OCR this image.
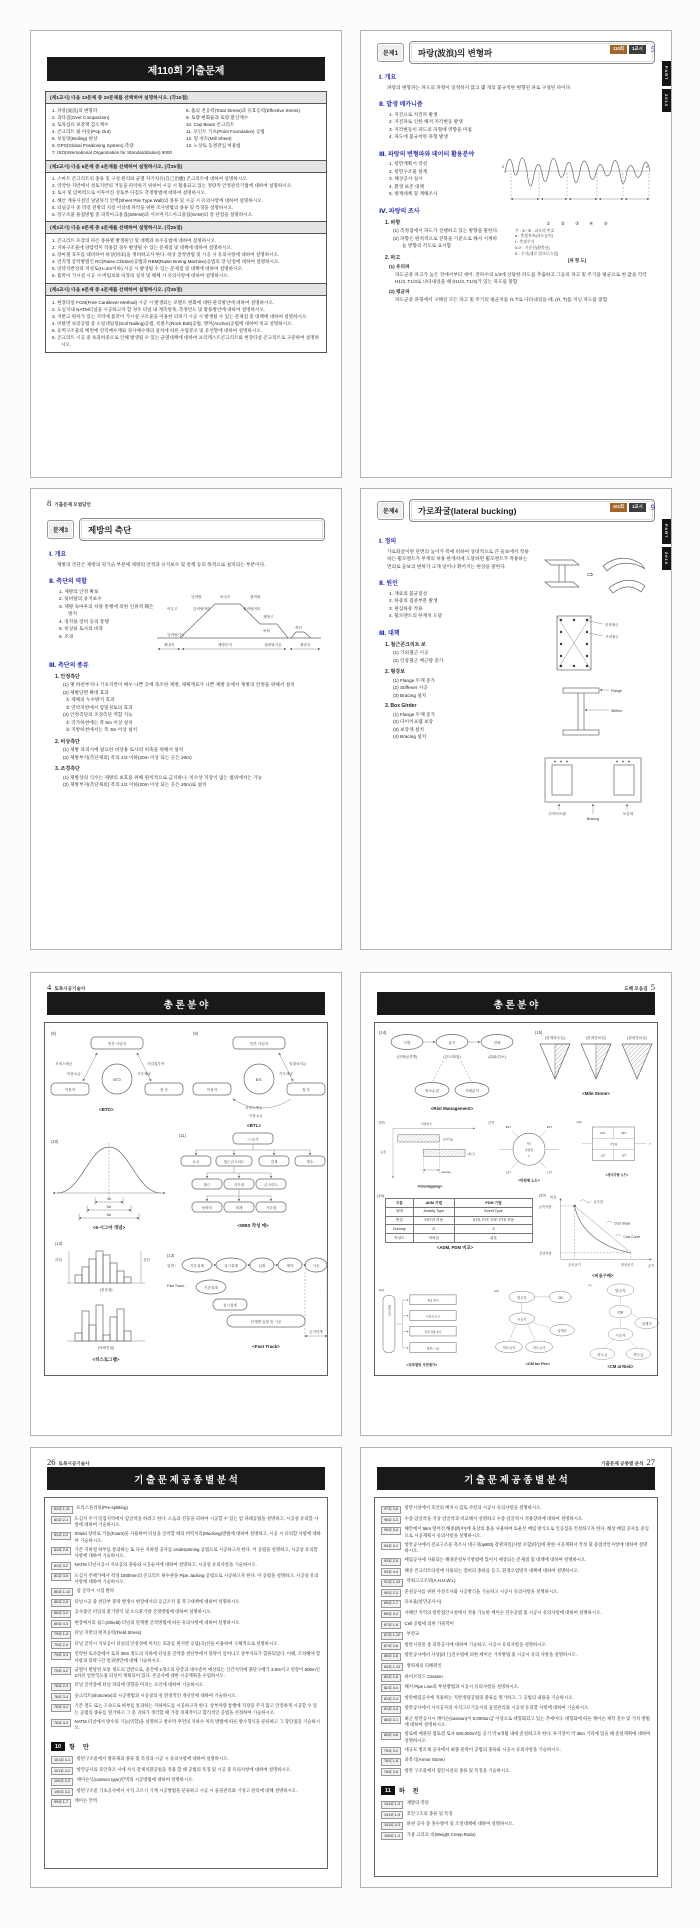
제110회 기출문제
(제1교시) 다음 13문제 중 10문제를 선택하여 설명하시오. (각10점)
1. 파랑(波浪)의 변형파
2. 과다짐(Over Compaction)
3. 토목섬유 보강재 감소계수
4. 콘크리트 팝 아웃(Pop Out)
5. 보일링(Boiling) 현상
6. GPS(Global Positioning System) 측량
7. ISO(International Organization for Standardization) 9000
8. 흙의 전응력(Total Stress)과 유효응력(Effective Stress)
9. 토량 변화율과 토량 환산계수
10. Cap Beam 콘크리트
11. 포인트 기초(Point Foundation) 공법
12. 밀 쉬트(Mill Sheet)
13. 노상토 동결관입 허용법
(제2교시) 다음 6문제 중 4문제를 선택하여 설명하시오. (각25점)
1. 스마트 콘크리트의 종류 및 구성 원리와 균열 자기치유(自己治癒) 콘크리트에 대하여 설명하시오.
2. 연약한 지반에서 성토지반의 거동을 파악하기 위하여 시공 시 활용되고 있는 정량적 안정관리기법에 대하여 설명하시오.
3. 토사 및 암버력으로 이루어진 성토부 다짐도 측정방법에 대하여 설명하시오.
4. 해안 계류시설인 널말뚝식 안벽(Sheet Pile Type Wall)의 종류 및 시공 시 유의사항에 대하여 설명하시오.
5. 터널공사 중 막장 전방의 지질 이상대 파악을 위한 조사방법의 종류 및 특징을 설명하시오.
6. 강구조물 용접방법 중 피복아크용접(SMAW)과 서브머지드아크용접(SAW)의 장·단점을 설명하시오.
(제3교시) 다음 6문제 중 4문제를 선택하여 설명하시오. (각25점)
1. 콘크리트 포장의 파손 종류별 발생원인 및 대책과 보수공법에 대하여 설명하시오.
2. 지하구조물에 양압력이 작용할 경우 발생될 수 있는 문제점 및 대책에 대하여 설명하시오.
3. 장마철 호우를 대비하여 하상(河床)을 정비하고자 한다. 하상 굴착방법 및 시공 시 유의사항에 대하여 설명하시오.
4. 연직갱 굴착방법인 RC(Raise Climber)공법과 RBM(Raise Boring Machine)공법의 장·단점에 대하여 설명하시오.
5. 연약지반상의 저성토(H=2m이하) 시공 시 발생될 수 있는 문제점 및 대책에 대하여 설명하시오.
6. 흙막이 가시설 시공 시 버팀보와 띠장의 설치 및 해체 시 유의사항에 대하여 설명하시오.
(제4교시) 다음 6문제 중 4문제를 선택하여 설명하시오. (각25점)
1. 현장타설 FCM(Free Cantilever Method) 시공 시 발생되는 모멘트 변화에 대한 관리방안에 대하여 설명하시오.
2. 도심지내 NATM터널을 시공하고자 할 경우 터널 내 계측항목, 측정빈도 및 활용방안에 대하여 설명하시오.
3. 지반고 편차가 있는 지역에 흙막이 가시설 구조물을 이용한 터파기 시공 시 발생될 수 있는 문제점 및 대책에 대하여 설명하시오.
4. 비탈면 보강공법 중 소일네일링(Soil Nailing)공법, 록볼트(Rock Bolt)공법, 앵커(Anchor)공법에 대하여 비교 설명하시오.
5. 옹벽구조물의 배면에 연직배수재와 경사배수재의 설치에 따른 수압분포 및 유선망에 대하여 설명하시오.
6. 콘크리트 시공 중 초과하중으로 인해 발생될 수 있는 균열대책에 대하여 프리캐스트콘크리트와 현장타설 콘크리트로 구분하여 설명하시오.
110회	1교시 5
PART
2013
문제1	파랑(波浪)의 변형파
Ⅰ. 개요

파랑의 변형파는 파도의 파형이 일정하지 않고 몇 개의 불규칙한 변형된 파로 구성된 파이다.

Ⅱ. 발생 메카니즘
1. 지진으로 지진파 발생
2. 지진파로 인한 해저 지각변동 발생
3. 지각변동이 파도의 파형에 영향을 미침
4. 파도에 불규칙한 파형 발생
0	0′
①        ②        ③        ④        ⑤
주 : ①~⑤ : 파도의 번호
a : 측정진폭(파도높이)
t : 측정주기
0-0′ : 기준선(횡축선)
E : 주기(제로 업크로스법)
[파 형 도]
Ⅲ. 파랑의 변형파와 데이터 활용분야
1. 항만계획서 작성
2. 항만구조물 설계
3. 해상공사 실시
4. 환경 보존 대책
5. 방재대책 및 재해조사
Ⅳ. 파랑의 조사
1. 파향
(1) 측정점에서 파도가 진행하고 있는 방향을 말한다.
(2) 파향은 원칙적으로 진북을 기준으로 해서 시계바늘 방향의 각도로 표시함
2. 파고
(1) 유의파

파도군중 파고가 높은 것에서부터 세어, 전파수의 1/3에 상당한 파도를 추출하고 그들의 파고 및 주기를 평균으로 한 값을 각각 H1/3, T1/3로 나타내었을 때 (H1/3, T1/3)가 있는 파도를 말함

(2) 평균파

파도군중 파형에서 구해진 모든 파고 및 주기의 평균치를 H̄, T̄로 나타내었을 때, (H̄, T̄)를 지닌 파도를 말함

8 기출문제 모범답안
문제3	제방의 측단
Ⅰ. 개요

제방의 측단은 제방의 뒷기슭 부분에 제방의 안정과 유지보수 및 통행 등의 목적으로 설치되는 부분이다.

Ⅱ. 측단의 역할
앞비탈	둑마루	뒷비탈
뒷비탈머리
여유고	앞비탈머리
제방고
둑턱
측단
앞비탈기슭
뒷비탈기슭
제내지	제방부지	제외지
1. 제방의 안정 확보
2. 뒷비탈의 유지보수
3. 제방 둑마루의 차량 통행에 의한 인위적 훼손 방지
4. 경작용 장비 등의 통행
5. 비상용 토사의 비축
6. 조경
Ⅲ. 측단의 종류
1. 안정측단
(1) 옛 하천부지나 기초지반이 매우 나쁜 곳에 축조한 제방, 제체재료가 나쁜 제방 등에서 제방의 안정을 위해서 설치
(2) 제방단면 확대 효과
① 제체의 누수방지 효과
② 연약지반에서 압밀성토의 효과
(3) 안정측단의 조경측단 역할 가능
① 국가하천에는 폭 5m 이상 설치
② 지방하천에서는 폭 3m 이상 설치
2. 비상측단
(1) 제방 파괴시에 필요한 비상용 토사의 비축을 위해서 설치
(2) 제방부지(측단제외) 폭의 1/2 이하(20m 이상 되는 곳은 20m)
3. 조경측단
(1) 제방상의 식수는 제방의 보호를 위해 원칙적으로 금지하나, 치수상 지장이 없는 범위에서는 가능
(2) 제방부지(측단제외) 폭의 1/2 이하(20m 이상 되는 곳은 20m)로 설치
101회	1교시 9
PART
2013
문제4	가로좌굴(lateral bucking)
Ⅰ. 정의

가로좌굴이란 단면의 높이가 폭에 비하여 상대적으로 큰 들보에서 작용하는 휨모멘트가 부재의 허용 한계치에 도달하면 휨모멘트가 작용하는 면외로 들보의 변위가 크게 일어나 휘어지는 현상을 말한다.

Ⅱ. 원인
1. 재료의 불균질성
2. 하중의 집중부분 발생
3. 편심하중 작용
4. 휨모멘트의 한계치 도달
Ⅲ. 대책
1. 철근콘크리트 보
(1) 가외철근 시공
(2) 인장철근 배근량 증가
2. 형강보
(1) Flange 두께 증가
(2) Stiffener 시공
(3) Bracing 설치
3. Box Girder
(1) Flange 두께 증가
(2) 다이어프램 보강
(3) 보강재 설치
(4) Bracing 설치
⇨
인장철근
가외철근
Flange
Stiffner
다이어프램
Bracing
보강재
4 토목시공기술사
총 론 분 야
(8)
민간 사업자
이용자	정 부
BTO
서비스제공
이용요금
사업권부여
기부채납
<BTO>
(9)
민간 사업자
이용자	정 부
BTL
임대료지급
기부채납
서비스제공
이용요금
<BTL>
(10)
4σ
5σ
6σ
<6-시그마 개념>
(11)
○○공사
토공	철근콘크리트	강재	방수
철근	거푸집	콘크리트
동바리	비계	거푸집
<WBS 작성 예>
(12)
하한	상한
(정상형)
(이빠진형)
<히스토그램>
(13)
일반 :	기본설계	실시설계	입찰	계약	시공
Fast Track :	기본설계
실시설계
단계별 입찰 및 시공
공기단축
<Fast Track>
도해 모음집 5
총 론 분 야
(14)
식별	분석	전략
(단계/공종별)	(강도/확률)	(회피/감소)
정보수집	사례분석
<Rist Management>
(15)
(한계착수일)	(한계종료일)	(절대종료일)
<Mile Stone>
(16)	작업일수
공정
(거푸집)
(철근)
overlap
<Overlapping>
(17)
EST	EFT
NO
작업명
T
LST	LFT
<타원형 노드>
(18)
EST	EFT
작업명
LST	LFT
T
<정사각형 노드>
(19)
구분	ADM 기법	PDM 기법
형태	Activity Type	Event Type
연결	FST만 허용	STS, FTF, STF, FTS 허용
Dummy	O	X
작성도	어려움	쉬움
<ADM, PDM 비교>
(20) 비용
공기
급속점
Cost Slope
Cost Curve
급속비용
정상비용
급속공기	정상공기
<비용구배>
(21)
계획수립
현장 분석
타당성 조사
환경 영향 평가
설계 / 시공
<리모델링 사전평가>
(22)
발주자	CM
시공사
설계사
하도급사	하도급사
<CM for Fee>
(23)
발주자
CM
설계사
시공사
하도급	하도급
<CM at Risk>
26 토목시공기술사
기 출 문 제 공 종 별 분 석
81회 1-11	프리스플리팅(Pre-splitting)
81회 2-1	도심지 주거 밀집지역에서 암굴착을 하려고 한다. 소음과 진동을 피하여 시공할 수 있는 암 파쇄공법을 설명하고, 시공상 유의할 사항에 대하여 기술하시오.
81회 2-2	Shield 장비로 거품(Foam)을 사용하여 터널을 굴착할 때의 버력처리(Mucking)방법에 대하여 설명하고, 시공 시 유의할 사항에 대하여 기술하시오.
81회 2-6	기존 지하철 하부를 통과하는 또 다른 지하철 공사를 Underpinning 공법으로 시공하고자 한다. 이 공법을 설명하고, 시공상 유의할 사항에 대하여 기술하시오.
81회 3-2	NATM 터널시공시 지보공의 종류와 시공순서에 대하여 설명하고, 시공상 유의사항을 기술하시오.
81회 3-5	도심지 주택가에서 직경 1500mm의 콘크리트 하수관을 Pipe Jacking 공법으로 시공하고자 한다. 이 공법을 설명하고, 시공상 유의사항에 대하여 기술하시오.
80회 1-13	암 굴착시 시험 발파
80회 2-5	터널시공 중 천단부 붕락 발생시 현장에서의 응급조치 및 복구대책에 대하여 설명하시오.
80회 3-2	공사중인 터널의 환기방식 및 소요환기량 산정방법에 대하여 설명하시오.
80회 4-3	현장에서의 쉴드(Shield) 터널의 단계별 굴착방법에 따른 유의사항에 대하여 설명하시오.
79회 1-4	터널 지반의 현지응력(Field Stress)
79회 2-4	터널 굴착시 지보공이 터널의 안정성에 미치는 효과를 원지반 응답(곡)선을 이용하여 구체적으로 설명하시오.
79회 3-3	연약한 토사층에서 토피 30m 정도의 지하에 터널을 굴착중 천단부에서 붕락이 일어나고 상부지표가 함몰되었다. 이때, 조치해야 할 사항과 붕락구간 통과방안에 대해 기술하시오.
79회 4-2	균열이 발달된 보통 정도의 암반으로, 중간에 2개소의 단층과 대수층이 예상되는 산간지역에 종단구배가 3.5%이고 연장이 600m인 2차선 일반국도용 터널이 계획되어 있다. 본공사에 대한 시공계획을 수립하시오.
78회 2-3	터널 굴착중에 터널 파괴에 영향을 미치는 요인에 대하여 기술하시오.
78회 3-4	숏크리트(shotcrete)의 시공방법과 시공상의 친 환경적인 개선안에 대하여 기술하시오.
78회 4-1	기존 철도 또는 고속도로 하부를 통과하는 지하차도를 시공하고자 한다. 상부차량 통행에 지장을 주지 않고 안전하게 시공할 수 있는 공법의 종류를 열거하고 그 중 귀하가 생각할 때 가장 경제적이고 합리적인 공법을 선정하여 기술하시오.
78회 4-3	NATM 터널에서 방수의 기능(역할)을 설명하고 방수막 후면의 지하수 처리 방법에 따른 방수형식을 분류하고 그 장단점을 기술하시오.
10	항 만
101회 3-1	항만구조물에서 방파제의 종류 및 특징과 시공 시 유의사항에 대하여 설명하시오.
101회 4-2	항만공사의 호안축조 시에 사석 강제치환공법을 적용 할 때 공법의 특징 및 시공 중 유의사항에 대하여 설명하시오.
100회 2-3	케이슨식(caisson type)안벽의 시공방법에 대하여 설명하시오.
100회 3-2	항만구조물 기초공사에서 사석 고르기 기계 시공방법을 분류하고 시공 시 품질관리와 기성고 관리에 대해 설명하시오.
99회 1-7	케이슨 안벽
기출문제 공종별 분석 27
기 출 문 제 공 종 별 분 석
97회 3-6	항만시설에서 호안의 배치시 검토 사항과 시공시 유의사항을 설명하시오.
96회 3-3	수중 암굴착을 지상 암굴착과 비교해서 설명하고 수중 암굴착시 적용장비에 대하여 설명하시오.
95회 3-4	해안에서 5km 떨어진 해중(海中)에 육상의 흙을 사용하여 토운선 매립 방식으로 인공섬을 건설하고자 한다. 해상 매립 공사를 중심으로 시공계획시 유의사항을 설명하시오.
94회 4-1	항만공사에서 잔교구조물 축조시 대구경(φ600) 강관파일(사항 포함)타입에 관한 시공계획서 작성 및 중점착안사항에 대하여 설명하시오.
93회 2-5	매립공사에 사용되는 해양준설투기방법에 있어서 예상되는 문제점 및 대책에 대하여 설명하시오.
93회 4-4	해상 콘크리트타설에 사용되는 장비의 종류를 들고, 환경오염방지 대책에 대하여 설명하시오.
91회 1-13	약최고고조위(A.H.H.W.L)
90회 2-3	준설공사를 위한 사전조사와 시공방식을 기술하고 시공시 유의사항을 설명하시오.
89회 1-7	유보율(항만공사시)
89회 3-2	서해안 지역의 항만접안시설에서 적용 가능한 케이슨 진수공법 및 시공시 유의사항에 대하여 설명하시오.
87회 1-6	Cell 공법에 의한 가물막이
87회 1-12	부잔교
87회 2-6	항만시설물 중 피복공사에 대하여 기술하고, 시공시 유의사항을 설명하시오.
85회 2-6	항만공사에서 사상(砂上)진수법에 의한 케이슨 거치방법 및 시공시 유의 사항을 설명하시오.
84회 1-13	방파제의 피해원인
82회 1-6	하이브리드 Cassion
82회 4-4	해저 Pipe Line의 부설방법과 시공시 유의사항을 설명하시오.
81회 2-4	항만매립공사에 적용하는 지반개량공법의 종류를 열거하고, 그 공법의 내용을 기술하시오.
81회 4-4	항만공사에서 사석공사의 사석고르기공사의 품질관리와 시공성 유의할 사항에 대하여 기술하시오.
80회 2-1	최근 항만공사시 케이슨(cassion)이 5,000ton급 이상으로 대형화되고 있는 추세이다. 대형화에 따른 케이슨 제작 진수 및 거치 방법에 대하여 설명하시오.
80회 4-6	항로에 매몰된 점토질 토사 500,000m³를 공기 약 6개월 내에 준설하고자 한다. 투기장이 약 3km 거리에 있을 때 준설계획에 대하여 설명하시오.
79회 3-2	대규모 방조제 공사에서 최종 물막이 공법의 종류와 시공시 유의사항을 기술하시오.
78회 1-8	피복석(Armor Stone)
78회 3-5	항만 구조물에서 접안시설의 종류 및 특징을 기술하시오.
11	하 천
101회 1-3	제방의 측단
101회 1-9	호안구조의 종류 및 특징
101회 4-3	하천 공사 중 홍수방어 및 조절대책에 대하여 설명하시오.
100회 1-3	가중 크리프 비(Weight Creep Ratio)
